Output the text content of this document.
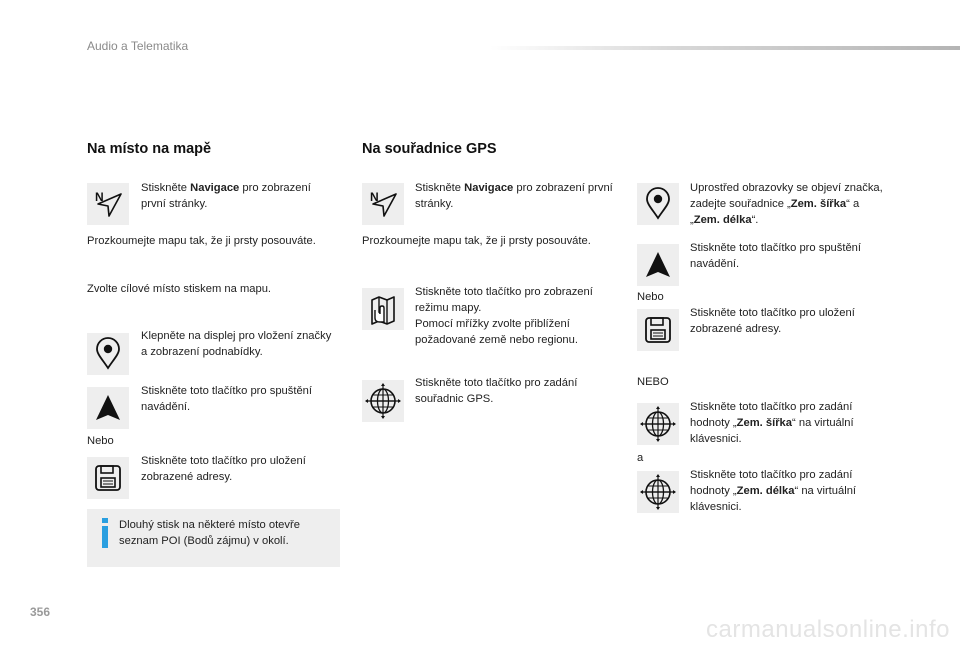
Audio a Telematika
Na místo na mapě
Stiskněte Navigace pro zobrazení první stránky.
Prozkoumejte mapu tak, že ji prsty posouváte.
Zvolte cílové místo stiskem na mapu.
Klepněte na displej pro vložení značky a zobrazení podnabídky.
Stiskněte toto tlačítko pro spuštění navádění.
Nebo
Stiskněte toto tlačítko pro uložení zobrazené adresy.
Dlouhý stisk na některé místo otevře seznam POI (Bodů zájmu) v okolí.
Na souřadnice GPS
Stiskněte Navigace pro zobrazení první stránky.
Prozkoumejte mapu tak, že ji prsty posouváte.
Stiskněte toto tlačítko pro zobrazení režimu mapy.
Pomocí mřížky zvolte přiblížení požadované země nebo regionu.
Stiskněte toto tlačítko pro zadání souřadnic GPS.
Uprostřed obrazovky se objeví značka, zadejte souřadnice „Zem. šířka“ a „Zem. délka“.
Stiskněte toto tlačítko pro spuštění navádění.
Nebo
Stiskněte toto tlačítko pro uložení zobrazené adresy.
NEBO
Stiskněte toto tlačítko pro zadání hodnoty „Zem. šířka“ na virtuální klávesnici.
a
Stiskněte toto tlačítko pro zadání hodnoty „Zem. délka“ na virtuální klávesnici.
356
carmanualsonline.info
